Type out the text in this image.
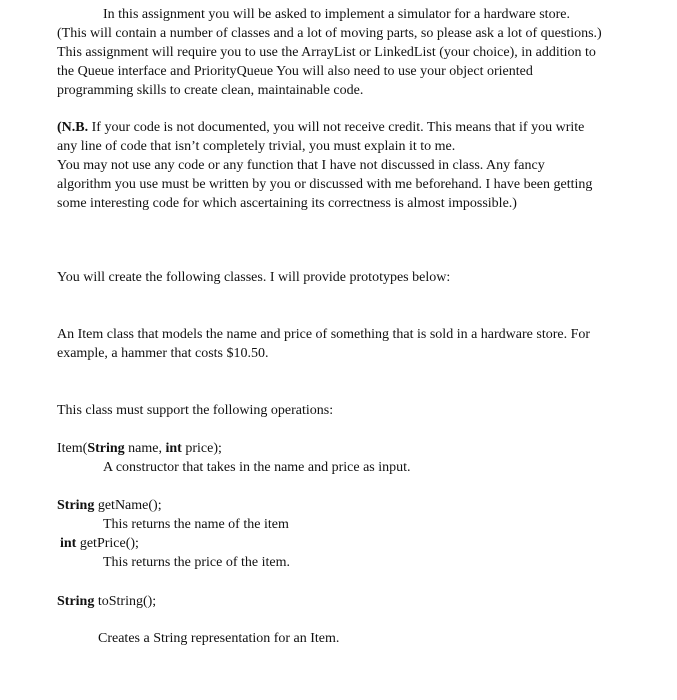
In this assignment you will be asked to implement a simulator for a hardware store.
(This will contain a number of classes and a lot of moving parts, so please ask a lot of questions.)
This assignment will require you to use the ArrayList or LinkedList (your choice), in addition to
the Queue interface and PriorityQueue You will also need to use your object oriented
programming skills to create clean, maintainable code.
(N.B. If your code is not documented, you will not receive credit. This means that if you write
any line of code that isn’t completely trivial, you must explain it to me.
You may not use any code or any function that I have not discussed in class. Any fancy
algorithm you use must be written by you or discussed with me beforehand. I have been getting
some interesting code for which ascertaining its correctness is almost impossible.)
You will create the following classes. I will provide prototypes below:
An Item class that models the name and price of something that is sold in a hardware store. For
example, a hammer that costs $10.50.
This class must support the following operations:
Item(String name, int price);
A constructor that takes in the name and price as input.
String getName();
This returns the name of the item
int getPrice();
This returns the price of the item.
String toString();
Creates a String representation for an Item.
